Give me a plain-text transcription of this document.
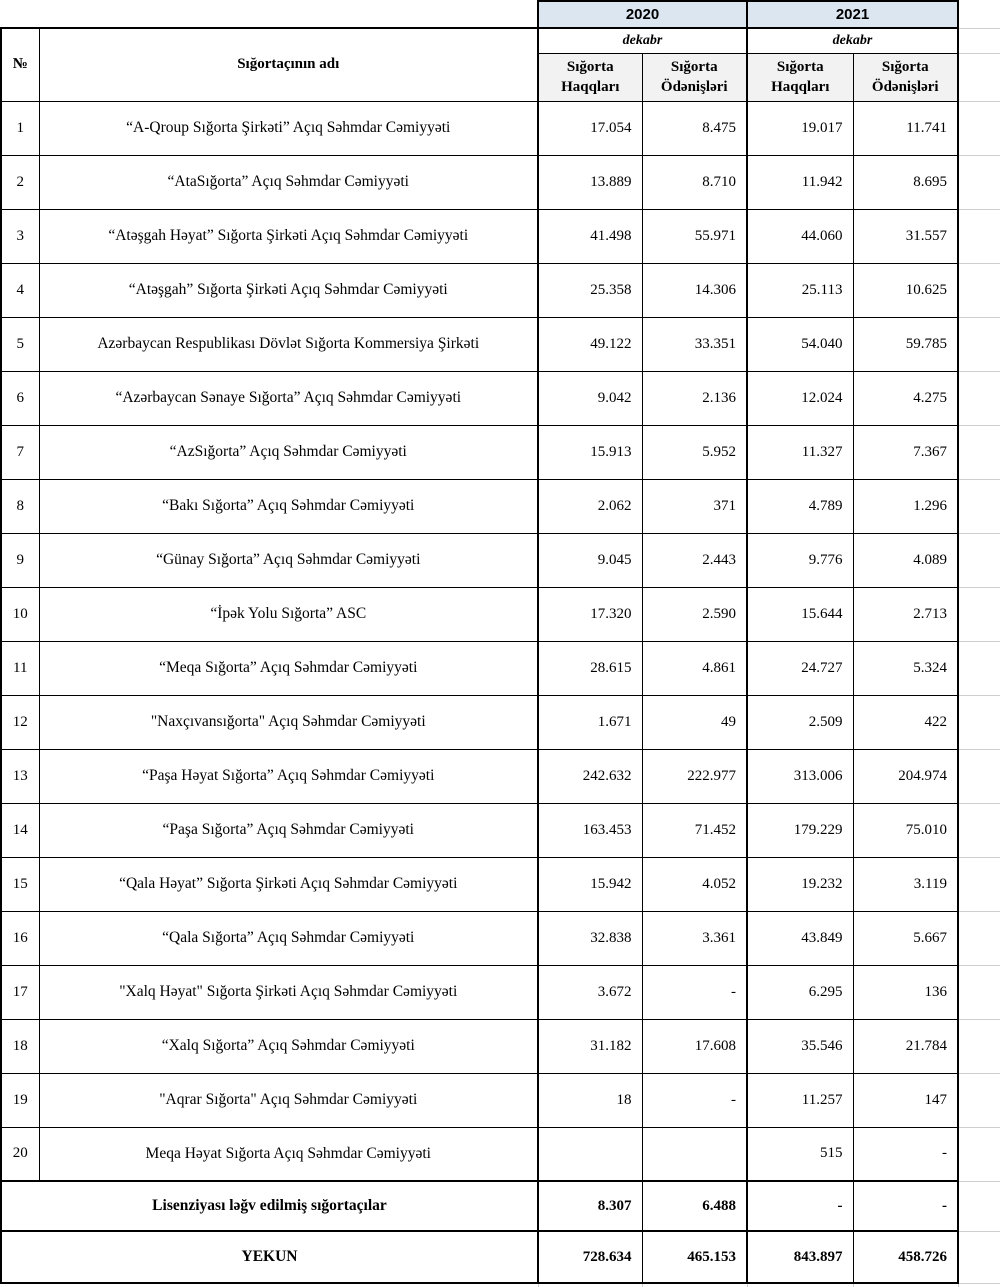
		2020		2021		
№	Sığortaçının adı	dekabr		dekabr		
		Sığorta Haqqları	Sığorta Ödənişləri	Sığorta Haqqları	Sığorta Ödənişləri	
1	“A-Qroup Sığorta Şirkəti” Açıq Səhmdar Cəmiyyəti	17.054	8.475	19.017	11.741	
2	“AtaSığorta” Açıq Səhmdar Cəmiyyəti	13.889	8.710	11.942	8.695	
3	“Atəşgah Həyat” Sığorta Şirkəti Açıq Səhmdar Cəmiyyəti	41.498	55.971	44.060	31.557	
4	“Atəşgah” Sığorta Şirkəti Açıq Səhmdar Cəmiyyəti	25.358	14.306	25.113	10.625	
5	Azərbaycan Respublikası Dövlət Sığorta Kommersiya Şirkəti	49.122	33.351	54.040	59.785	
6	“Azərbaycan Sənaye Sığorta” Açıq Səhmdar Cəmiyyəti	9.042	2.136	12.024	4.275	
7	“AzSığorta” Açıq Səhmdar Cəmiyyəti	15.913	5.952	11.327	7.367	
8	“Bakı Sığorta” Açıq Səhmdar Cəmiyyəti	2.062	371	4.789	1.296	
9	“Günay Sığorta” Açıq Səhmdar Cəmiyyəti	9.045	2.443	9.776	4.089	
10	“İpək Yolu Sığorta” ASC	17.320	2.590	15.644	2.713	
11	“Meqa Sığorta” Açıq Səhmdar Cəmiyyəti	28.615	4.861	24.727	5.324	
12	"Naxçıvansığorta" Açıq Səhmdar Cəmiyyəti	1.671	49	2.509	422	
13	“Paşa Həyat Sığorta” Açıq Səhmdar Cəmiyyəti	242.632	222.977	313.006	204.974	
14	“Paşa Sığorta” Açıq Səhmdar Cəmiyyəti	163.453	71.452	179.229	75.010	
15	“Qala Həyat” Sığorta Şirkəti Açıq Səhmdar Cəmiyyəti	15.942	4.052	19.232	3.119	
16	“Qala Sığorta” Açıq Səhmdar Cəmiyyəti	32.838	3.361	43.849	5.667	
17	"Xalq Həyat" Sığorta Şirkəti Açıq Səhmdar Cəmiyyəti	3.672	-	6.295	136	
18	“Xalq Sığorta” Açıq Səhmdar Cəmiyyəti	31.182	17.608	35.546	21.784	
19	"Aqrar Sığorta" Açıq Səhmdar Cəmiyyəti	18	-	11.257	147	
20	Meqa Həyat Sığorta Açıq Səhmdar Cəmiyyəti			515	-	
Lisenziyası ləğv edilmiş sığortaçılar		8.307	6.488	-	-	
YEKUN		728.634	465.153	843.897	458.726	
